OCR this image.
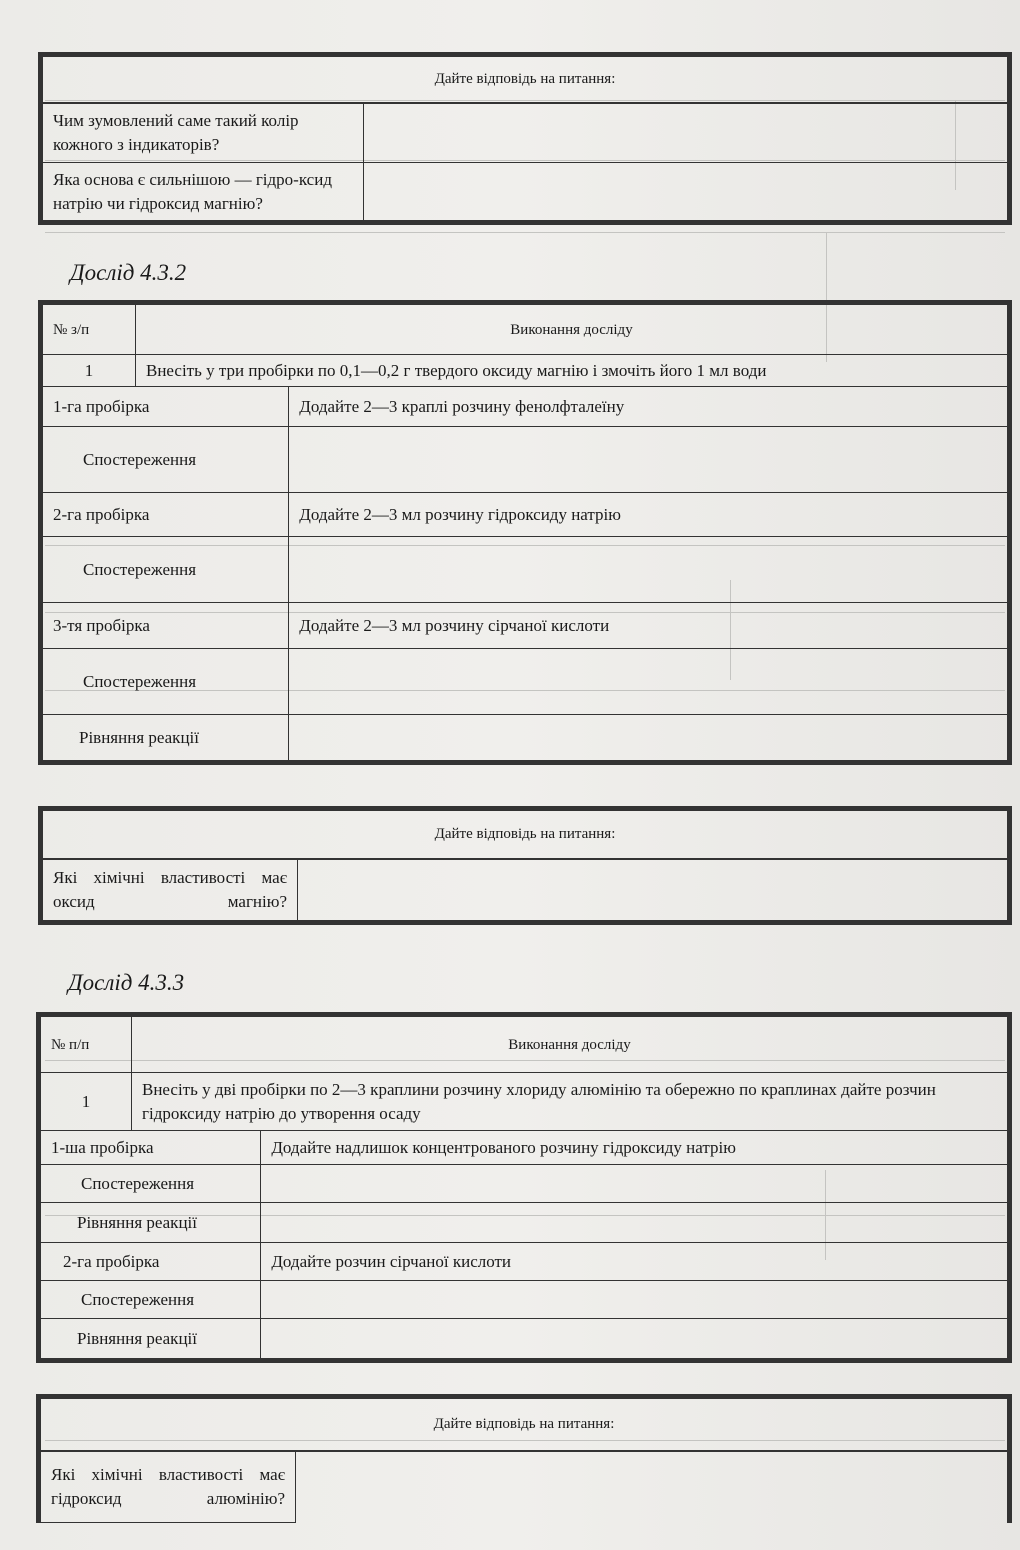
Дайте відповідь на питання:	
Чим зумовлений саме такий колір кожного з індикаторів?	
Яка основа є сильнішою — гідро-ксид натрію чи гідроксид магнію?	
Дослід 4.3.2
№ з/п	Виконання досліду	
1	Внесіть у три пробірки по 0,1—0,2 г твердого оксиду магнію і змочіть його 1 мл води	
1-га пробірка		Додайте 2—3 краплі розчину фенолфталеїну
Спостереження		
2-га пробірка		Додайте 2—3 мл розчину гідроксиду натрію
Спостереження		
3-тя пробірка		Додайте 2—3 мл розчину сірчаної кислоти
Спостереження		
Рівняння реакції		
Дайте відповідь на питання:
Які хімічні властивості має оксид магнію?	
Дослід 4.3.3
№ п/п	Виконання досліду	
1	Внесіть у дві пробірки по 2—3 краплини розчину хлориду алюмінію та обережно по краплинах дайте розчин гідроксиду натрію до утворення осаду	
1-ша пробірка		Додайте надлишок концентрованого розчину гідроксиду натрію
Спостереження		
Рівняння реакції		
2-га пробірка		Додайте розчин сірчаної кислоти
Спостереження		
Рівняння реакції		
Дайте відповідь на питання:
Які хімічні властивості має гідроксид алюмінію?	
